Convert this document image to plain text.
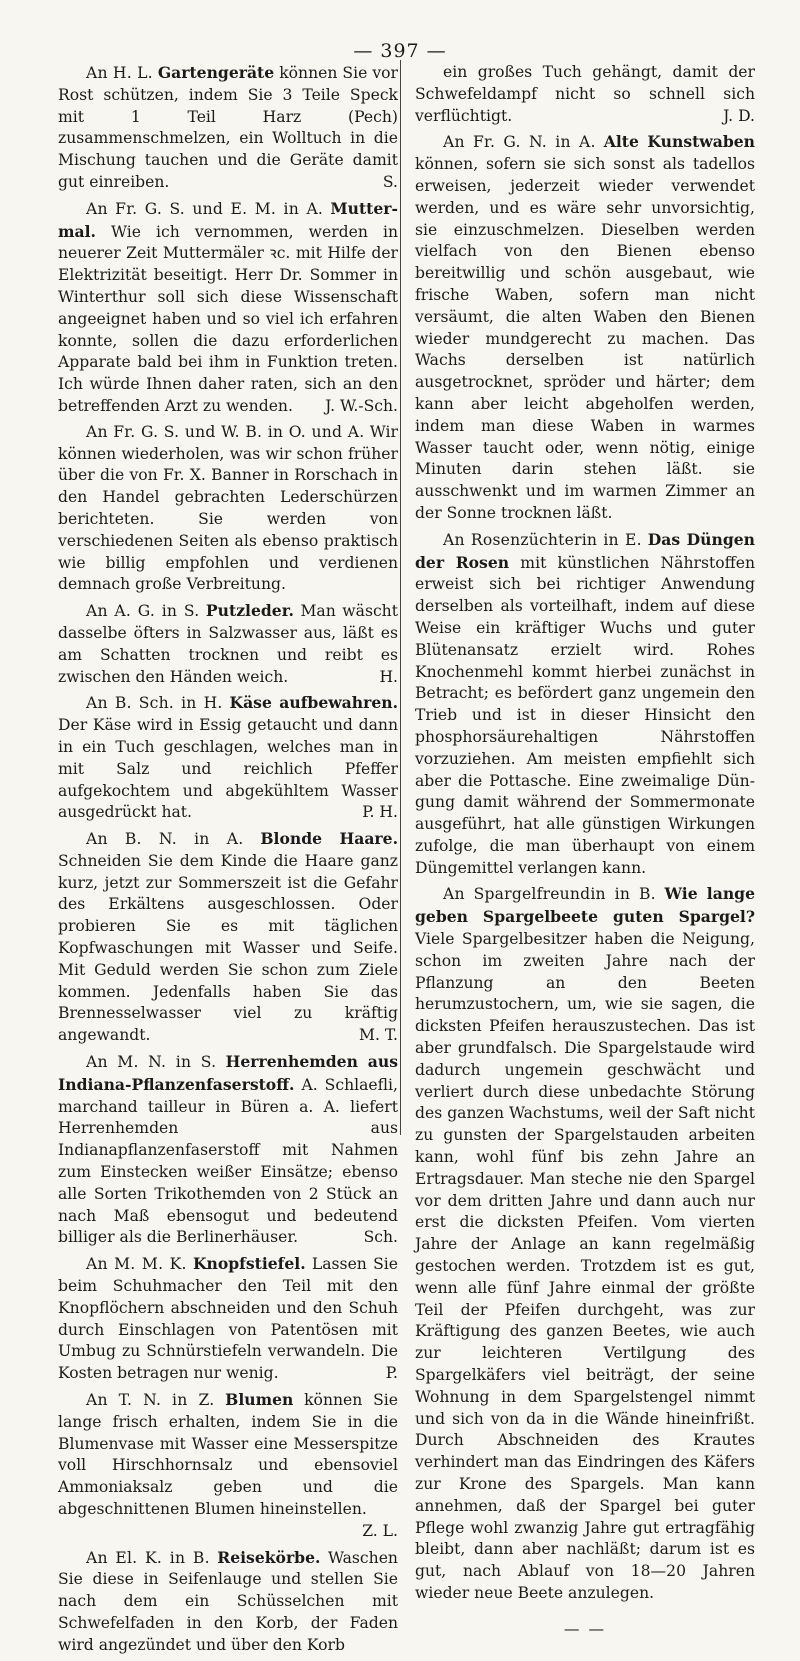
— 397 —

An H. L. Gartengeräte können Sie vor Rost schützen, indem Sie 3 Teile Speck mit 1 Teil Harz (Pech) zusammenschmelzen, ein Wolltuch in die Mischung tauchen und die Geräte damit gut einreiben.	S.

An Fr. G. S. und E. M. in A. Muttermal. Wie ich vernommen, werden in neuerer Zeit Muttermäler ꝛc. mit Hilfe der Elektrizität beseitigt. Herr Dr. Sommer in Winterthur soll sich diese Wissenschaft angeeignet haben und so viel ich erfahren konnte, sollen die dazu erforderlichen Apparate bald bei ihm in Funktion treten. Ich würde Ihnen daher raten, sich an den betreffenden Arzt zu wenden.	J. W.-Sch.

An Fr. G. S. und W. B. in O. und A. Wir können wiederholen, was wir schon früher über die von Fr. X. Banner in Rorschach in den Handel gebrachten Lederschürzen berichteten. Sie werden von verschiedenen Seiten als ebenso praktisch wie billig empfohlen und verdienen demnach große Verbreitung.

An A. G. in S. Putzleder. Man wäscht dasselbe öfters in Salzwasser aus, läßt es am Schatten trocknen und reibt es zwischen den Händen weich.	H.

An B. Sch. in H. Käse aufbewahren. Der Käse wird in Essig getaucht und dann in ein Tuch geschlagen, welches man in mit Salz und reichlich Pfeffer aufgekochtem und abgekühltem Wasser ausgedrückt hat.	P. H.

An B. N. in A. Blonde Haare. Schneiden Sie dem Kinde die Haare ganz kurz, jetzt zur Sommerszeit ist die Gefahr des Erkältens ausgeschlossen. Oder probieren Sie es mit täglichen Kopfwaschungen mit Wasser und Seife. Mit Geduld werden Sie schon zum Ziele kommen. Jedenfalls haben Sie das Brennesselwasser viel zu kräftig angewandt.	M. T.

An M. N. in S. Herrenhemden aus Indiana-Pflanzenfaserstoff. A. Schlaefli, marchand tailleur in Büren a. A. liefert Herrenhemden aus Indianapflanzenfaserstoff mit Nahmen zum Einstecken weißer Einsätze; ebenso alle Sorten Trikothemden von 2 Stück an nach Maß ebensogut und bedeutend billiger als die Berlinerhäuser.	Sch.

An M. M. K. Knopfstiefel. Lassen Sie beim Schuhmacher den Teil mit den Knopflöchern abschneiden und den Schuh durch Einschlagen von Patentösen mit Umbug zu Schnürstiefeln verwandeln. Die Kosten betragen nur wenig.	P.

An T. N. in Z. Blumen können Sie lange frisch erhalten, indem Sie in die Blumenvase mit Wasser eine Messerspitze voll Hirschhornsalz und ebensoviel Ammoniaksalz geben und die abgeschnittenen Blumen hineinstellen.
Z. L.

An El. K. in B. Reisekörbe. Waschen Sie diese in Seifenlauge und stellen Sie nach dem ein Schüsselchen mit Schwefelfaden in den Korb, der Faden wird angezündet und über den Korb

ein großes Tuch gehängt, damit der Schwefeldampf nicht so schnell sich verflüchtigt.	J. D.

An Fr. G. N. in A. Alte Kunstwaben können, sofern sie sich sonst als tadellos erweisen, jederzeit wieder verwendet werden, und es wäre sehr unvorsichtig, sie einzuschmelzen. Dieselben werden vielfach von den Bienen ebenso bereitwillig und schön ausgebaut, wie frische Waben, sofern man nicht versäumt, die alten Waben den Bienen wieder mundgerecht zu machen. Das Wachs derselben ist natürlich ausgetrocknet, spröder und härter; dem kann aber leicht abgeholfen werden, indem man diese Waben in warmes Wasser taucht oder, wenn nötig, einige Minuten darin stehen läßt. sie ausschwenkt und im warmen Zimmer an der Sonne trocknen läßt.

An Rosenzüchterin in E. Das Düngen der Rosen mit künstlichen Nährstoffen erweist sich bei richtiger Anwendung derselben als vorteilhaft, indem auf diese Weise ein kräftiger Wuchs und guter Blütenansatz erzielt wird. Rohes Knochenmehl kommt hierbei zunächst in Betracht; es befördert ganz ungemein den Trieb und ist in dieser Hinsicht den phosphorsäurehaltigen Nährstoffen vorzuziehen. Am meisten empfiehlt sich aber die Pottasche. Eine zweimalige Düngung damit während der Sommermonate ausgeführt, hat alle günstigen Wirkungen zufolge, die man überhaupt von einem Düngemittel verlangen kann.

An Spargelfreundin in B. Wie lange geben Spargelbeete guten Spargel? Viele Spargelbesitzer haben die Neigung, schon im zweiten Jahre nach der Pflanzung an den Beeten herumzustochern, um, wie sie sagen, die dicksten Pfeifen herauszustechen. Das ist aber grundfalsch. Die Spargelstaude wird dadurch ungemein geschwächt und verliert durch diese unbedachte Störung des ganzen Wachstums, weil der Saft nicht zu gunsten der Spargelstauden arbeiten kann, wohl fünf bis zehn Jahre an Ertragsdauer. Man steche nie den Spargel vor dem dritten Jahre und dann auch nur erst die dicksten Pfeifen. Vom vierten Jahre der Anlage an kann regelmäßig gestochen werden. Trotzdem ist es gut, wenn alle fünf Jahre einmal der größte Teil der Pfeifen durchgeht, was zur Kräftigung des ganzen Beetes, wie auch zur leichteren Vertilgung des Spargelkäfers viel beiträgt, der seine Wohnung in dem Spargelstengel nimmt und sich von da in die Wände hineinfrißt. Durch Abschneiden des Krautes verhindert man das Eindringen des Käfers zur Krone des Spargels. Man kann annehmen, daß der Spargel bei guter Pflege wohl zwanzig Jahre gut ertragfähig bleibt, dann aber nachläßt; darum ist es gut, nach Ablauf von 18—20 Jahren wieder neue Beete anzulegen.

— —
